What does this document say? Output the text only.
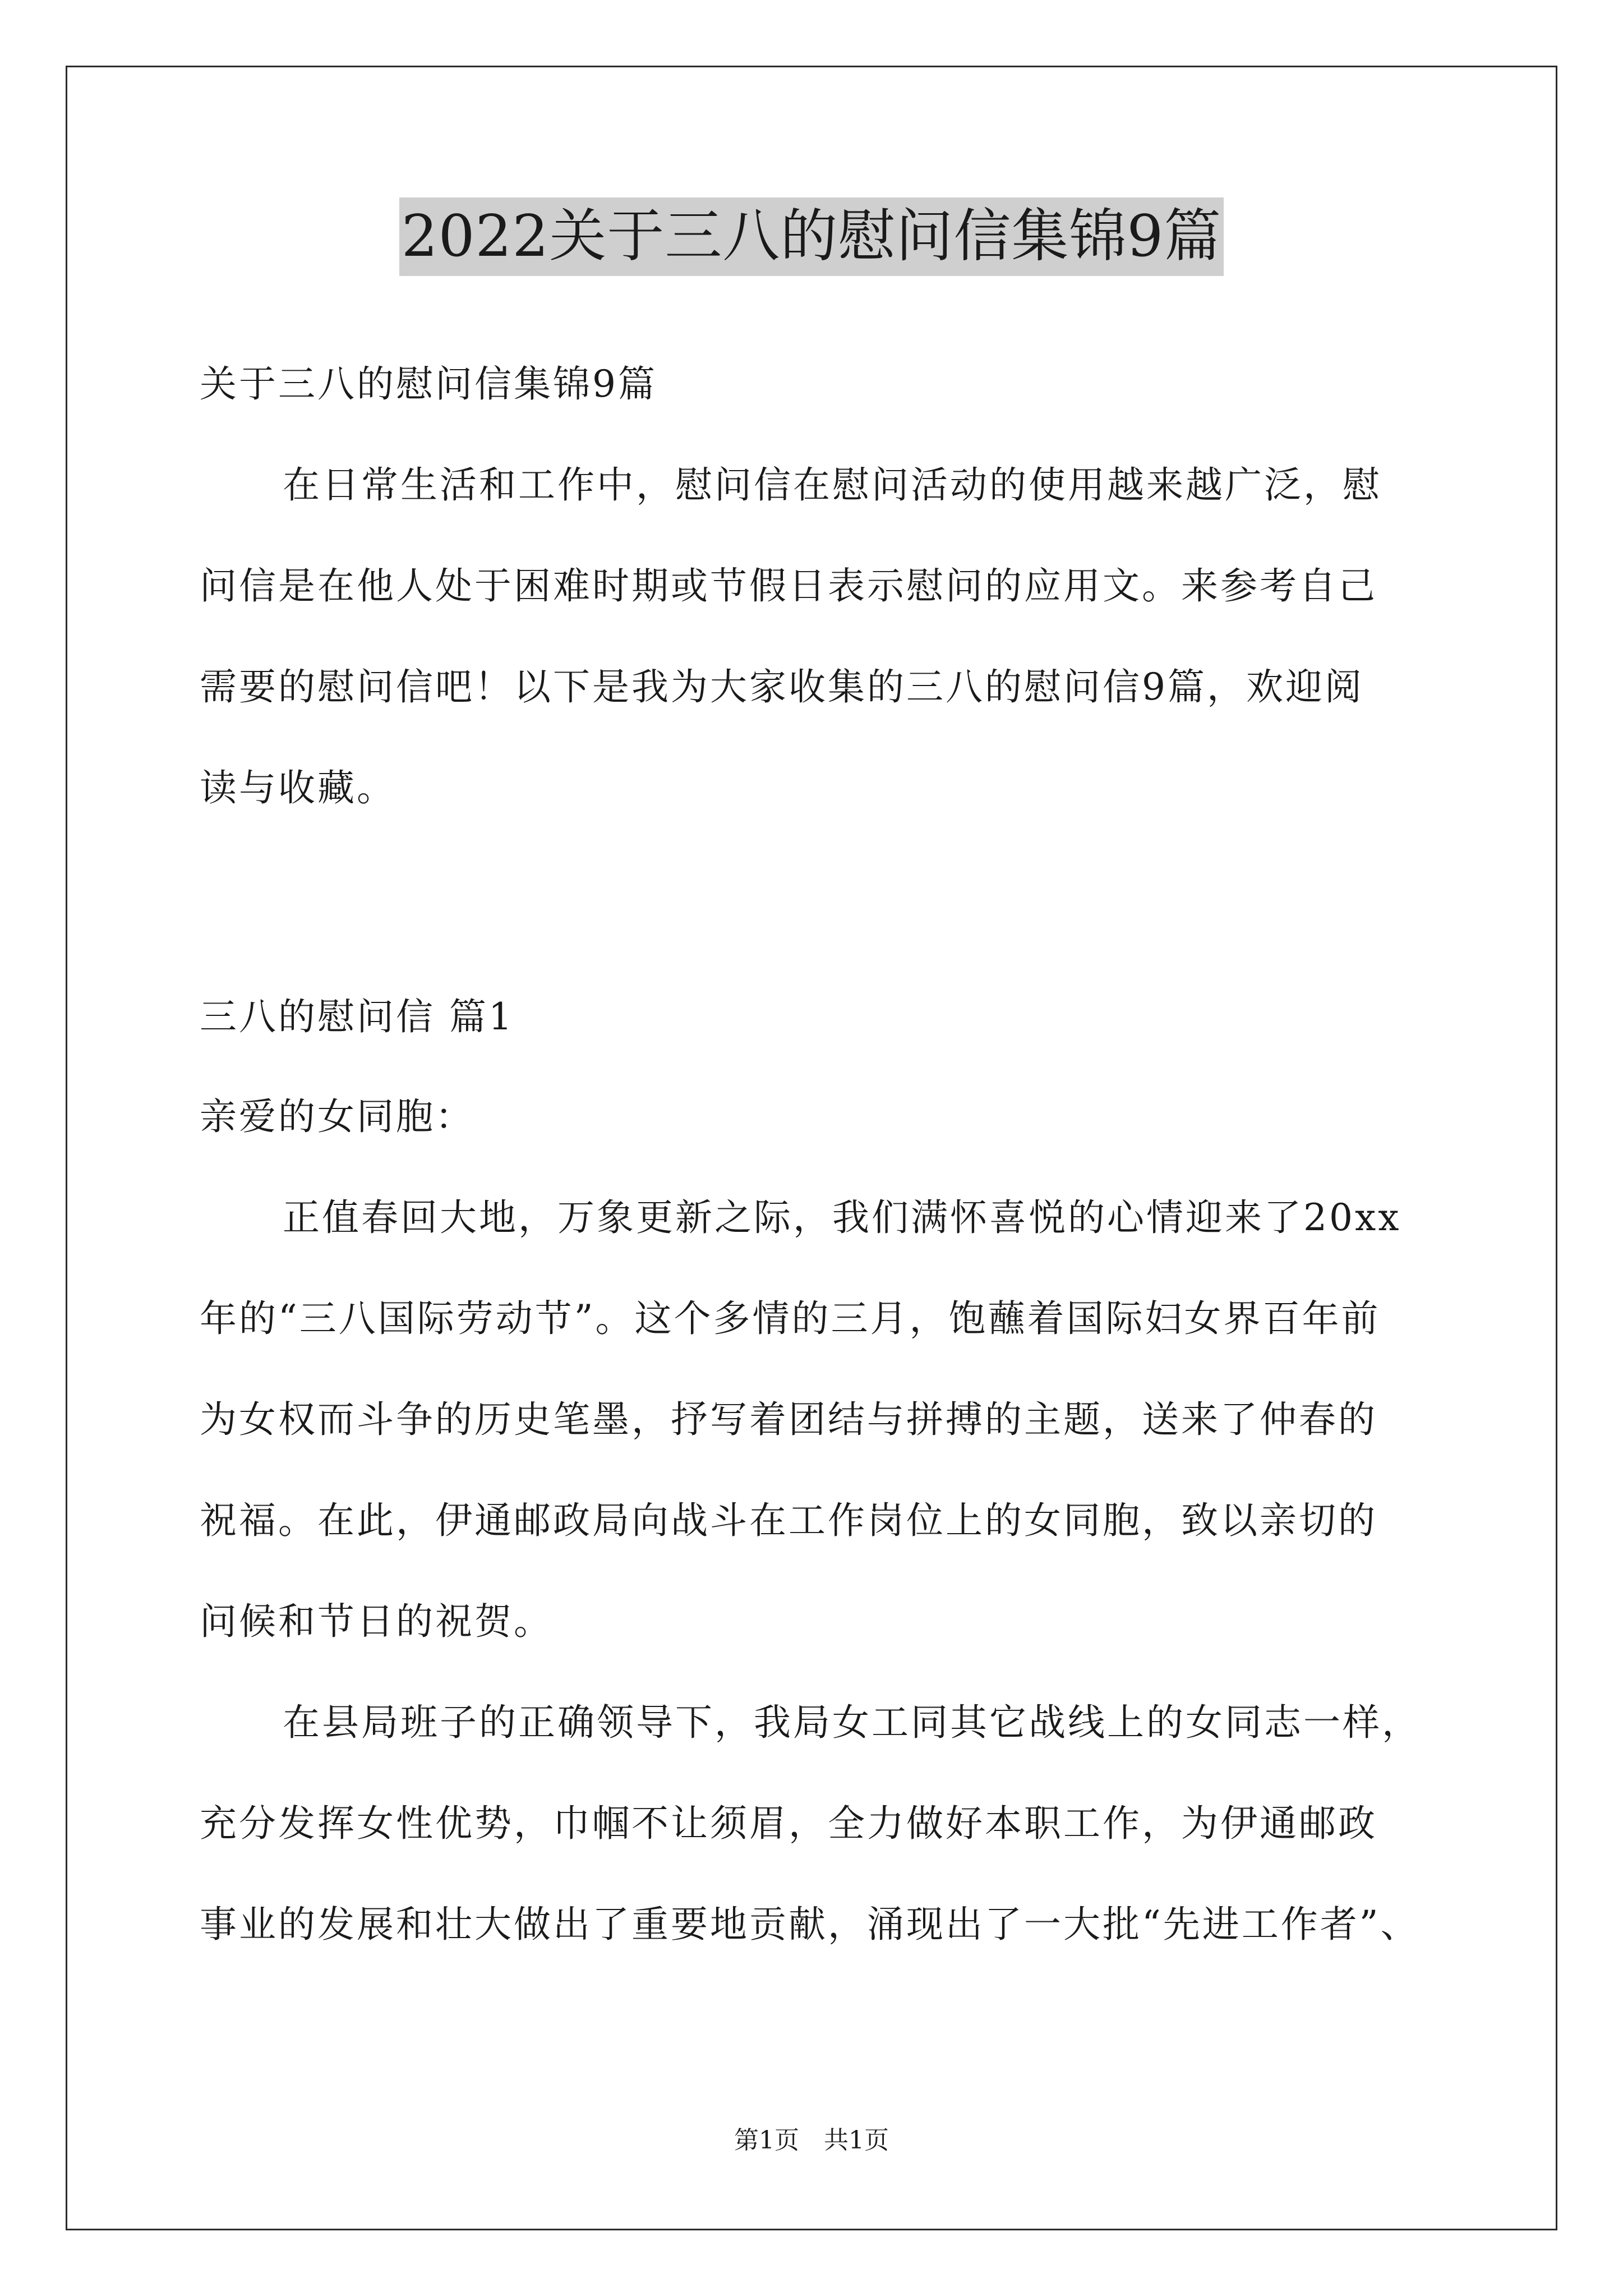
2022关于三八的慰问信集锦9篇
关于三八的慰问信集锦9篇
在日常生活和工作中，慰问信在慰问活动的使用越来越广泛，慰
问信是在他人处于困难时期或节假日表示慰问的应用文。来参考自己
需要的慰问信吧！以下是我为大家收集的三八的慰问信9篇，欢迎阅
读与收藏。
三八的慰问信 篇1
亲爱的女同胞：
正值春回大地，万象更新之际，我们满怀喜悦的心情迎来了20xx
年的“三八国际劳动节”。这个多情的三月，饱蘸着国际妇女界百年前
为女权而斗争的历史笔墨，抒写着团结与拼搏的主题，送来了仲春的
祝福。在此，伊通邮政局向战斗在工作岗位上的女同胞，致以亲切的
问候和节日的祝贺。
在县局班子的正确领导下，我局女工同其它战线上的女同志一样，
充分发挥女性优势，巾帼不让须眉，全力做好本职工作，为伊通邮政
事业的发展和壮大做出了重要地贡献，涌现出了一大批“先进工作者”、
第1页 共1页
